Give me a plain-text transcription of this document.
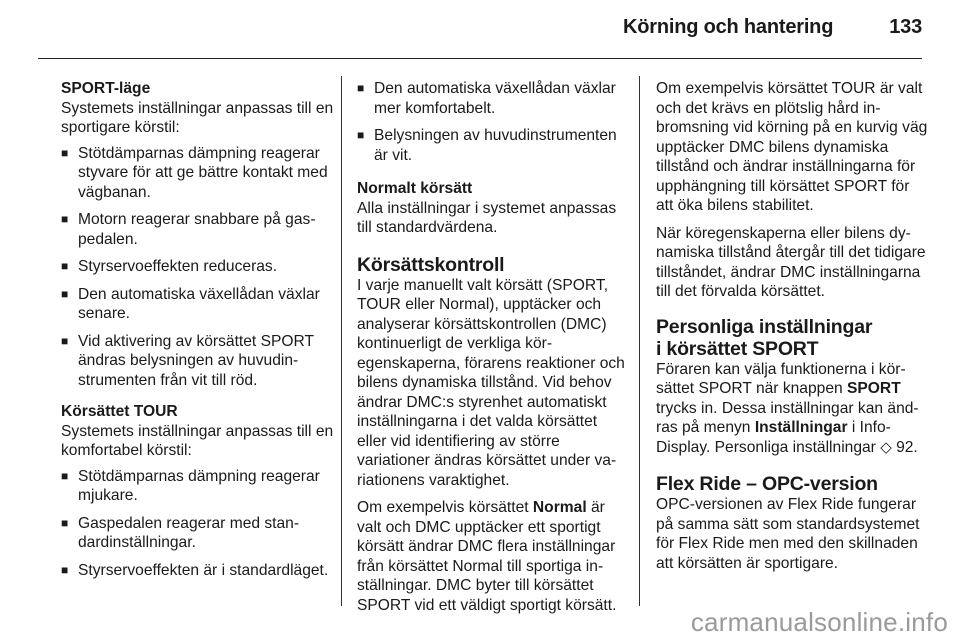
Körning och hantering	133

SPORT-läge

Systemets inställningar anpassas till en sportigare körstil:
■ Stötdämparnas dämpning reagerar styvare för att ge bättre kontakt med vägbanan.
■ Motorn reagerar snabbare på gaspedalen.
■ Styrservoeffekten reduceras.
■ Den automatiska växellådan växlar senare.
■ Vid aktivering av körsättet SPORT ändras belysningen av huvudinstrumenten från vit till röd.

Körsättet TOUR

Systemets inställningar anpassas till en komfortabel körstil:
■ Stötdämparnas dämpning reagerar mjukare.
■ Gaspedalen reagerar med standardinställningar.
■ Styrservoeffekten är i standardläget.
■ Den automatiska växellådan växlar mer komfortabelt.
■ Belysningen av huvudinstrumenten är vit.

Normalt körsätt

Alla inställningar i systemet anpassas till standardvärdena.

Körsättskontroll

I varje manuellt valt körsätt (SPORT, TOUR eller Normal), upptäcker och analyserar körsättskontrollen (DMC) kontinuerligt de verkliga köregenskaperna, förarens reaktioner och bilens dynamiska tillstånd. Vid behov ändrar DMC:s styrenhet automatiskt inställningarna i det valda körsättet eller vid identifiering av större variationer ändras körsättet under variationens varaktighet.

Om exempelvis körsättet Normal är valt och DMC upptäcker ett sportigt körsätt ändrar DMC flera inställningar från körsättet Normal till sportiga inställningar. DMC byter till körsättet SPORT vid ett väldigt sportigt körsätt.

Om exempelvis körsättet TOUR är valt och det krävs en plötslig hård inbromsning vid körning på en kurvig väg upptäcker DMC bilens dynamiska tillstånd och ändrar inställningarna för upphängning till körsättet SPORT för att öka bilens stabilitet.

När köregenskaperna eller bilens dynamiska tillstånd återgår till det tidigare tillståndet, ändrar DMC inställningarna till det förvalda körsättet.

Personliga inställningar
i körsättet SPORT

Föraren kan välja funktionerna i körsättet SPORT när knappen SPORT trycks in. Dessa inställningar kan ändras på menyn Inställningar i Info-Display. Personliga inställningar ◇ 92.

Flex Ride – OPC-version

OPC-versionen av Flex Ride fungerar på samma sätt som standardsystemet för Flex Ride men med den skillnaden att körsätten är sportigare.

carmanualsonline.info
